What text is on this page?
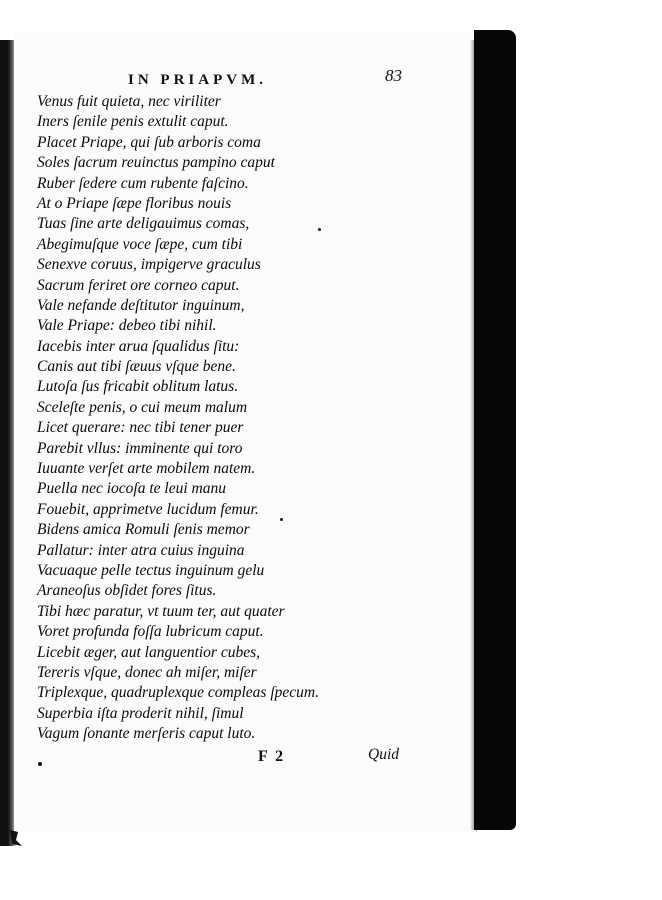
IN PRIAPVM.	83
Venus fuit quieta, nec viriliter
Iners ſenile penis extulit caput.
Placet Priape, qui ſub arboris coma
Soles ſacrum reuinctus pampino caput
Ruber ſedere cum rubente faſcino.
At o Priape ſæpe floribus nouis
Tuas ſine arte deligauimus comas,
Abegimuſque voce ſæpe, cum tibi
Senexve coruus, impigerve graculus
Sacrum feriret ore corneo caput.
Vale nefande deſtitutor inguinum,
Vale Priape: debeo tibi nihil.
Iacebis inter arua ſqualidus ſitu:
Canis aut tibi ſæuus vſque bene.
Lutoſa ſus fricabit oblitum latus.
Sceleſte penis, o cui meum malum
Licet querare: nec tibi tener puer
Parebit vllus: imminente qui toro
Iuuante verſet arte mobilem natem.
Puella nec iocoſa te leui manu
Fouebit, apprimetve lucidum femur.
Bidens amica Romuli ſenis memor
Pallatur: inter atra cuius inguina
Vacuaque pelle tectus inguinum gelu
Araneoſus obſidet fores ſitus.
Tibi hæc paratur, vt tuum ter, aut quater
Voret profunda foſſa lubricum caput.
Licebit æger, aut languentior cubes,
Tereris vſque, donec ah miſer, miſer
Triplexque, quadruplexque compleas ſpecum.
Superbia iſta proderit nihil, ſimul
Vagum ſonante merſeris caput luto.
F 2	Quid
